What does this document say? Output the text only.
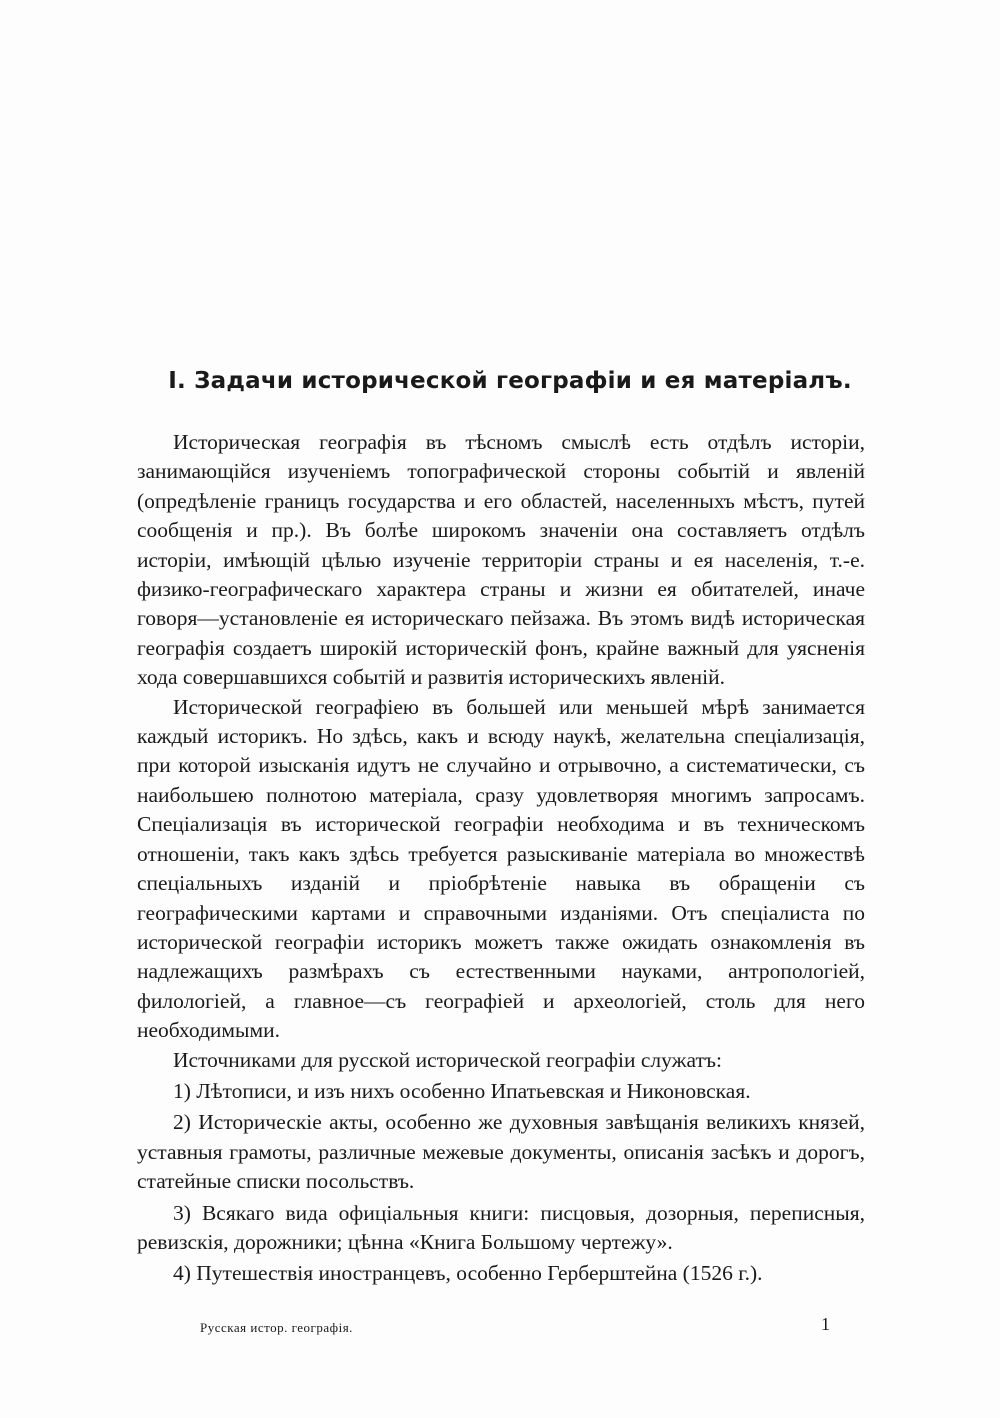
I. Задачи исторической географіи и ея матеріалъ.

Историческая географія въ тѣсномъ смыслѣ есть отдѣлъ исторіи, занимающійся изученіемъ топографической стороны событій и явленій (опредѣленіе границъ государства и его областей, населенныхъ мѣстъ, путей сообщенія и пр.). Въ болѣе широкомъ значеніи она составляетъ отдѣлъ исторіи, имѣющій цѣлью изученіе территоріи страны и ея населенія, т.-е. физико-географическаго характера страны и жизни ея обитателей, иначе говоря—установленіе ея историческаго пейзажа. Въ этомъ видѣ историческая географія создаетъ широкій историческій фонъ, крайне важный для уясненія хода совершавшихся событій и развитія историческихъ явленій.

Исторической географіею въ большей или меньшей мѣрѣ занимается каждый историкъ. Но здѣсь, какъ и всюду наукѣ, желательна спеціализація, при которой изысканія идутъ не случайно и отрывочно, а систематически, съ наибольшею полнотою матеріала, сразу удовлетворяя многимъ запросамъ. Спеціализація въ исторической географіи необходима и въ техническомъ отношеніи, такъ какъ здѣсь требуется разыскиваніе матеріала во множествѣ спеціальныхъ изданій и пріобрѣтеніе навыка въ обращеніи съ географическими картами и справочными изданіями. Отъ спеціалиста по исторической географіи историкъ можетъ также ожидать ознакомленія въ надлежащихъ размѣрахъ съ естественными науками, антропологіей, филологіей, а главное—съ географіей и археологіей, столь для него необходимыми.

Источниками для русской исторической географіи служатъ:

1) Лѣтописи, и изъ нихъ особенно Ипатьевская и Никоновская.

2) Историческіе акты, особенно же духовныя завѣщанія великихъ князей, уставныя грамоты, различные межевые документы, описанія засѣкъ и дорогъ, статейные списки посольствъ.

3) Всякаго вида офиціальныя книги: писцовыя, дозорныя, переписныя, ревизскія, дорожники; цѣнна «Книга Большому чертежу».

4) Путешествія иностранцевъ, особенно Герберштейна (1526 г.).

Русская истор. географія.	1
